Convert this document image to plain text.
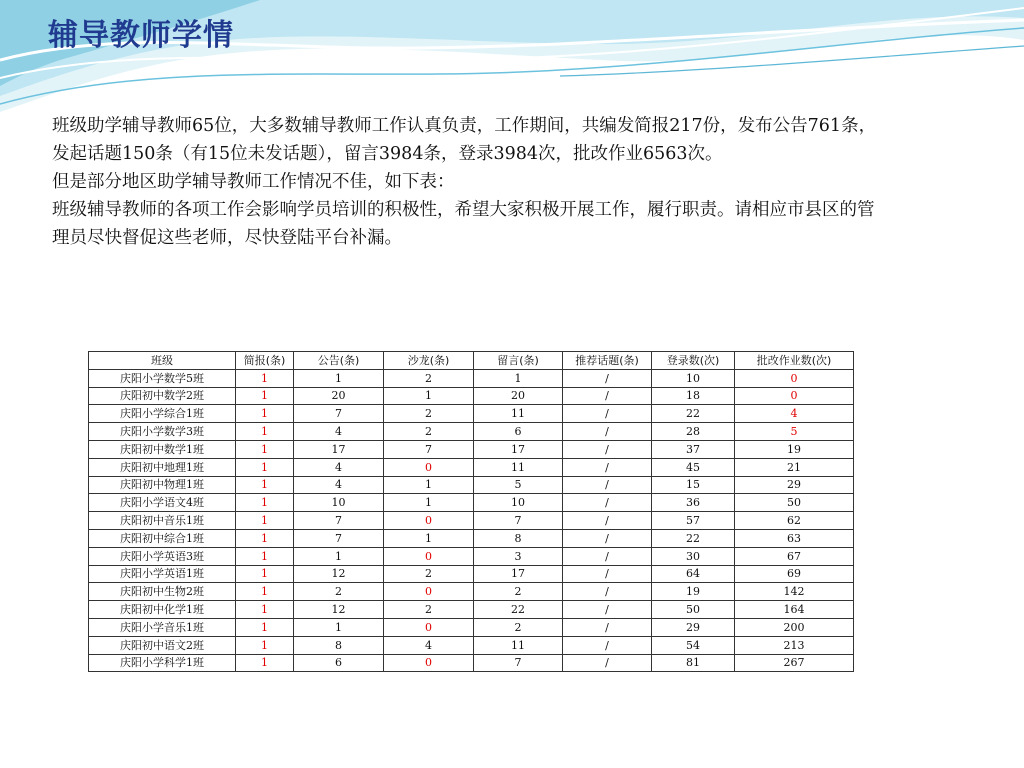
辅导教师学情

班级助学辅导教师65位，大多数辅导教师工作认真负责，工作期间，共编发简报217份，发布公告761条，发起话题150条（有15位未发话题），留言3984条，登录3984次，批改作业6563次。

但是部分地区助学辅导教师工作情况不佳，如下表：

班级辅导教师的各项工作会影响学员培训的积极性，希望大家积极开展工作，履行职责。请相应市县区的管理员尽快督促这些老师，尽快登陆平台补漏。

班级	简报(条)	公告(条)	沙龙(条)	留言(条)	推荐话题(条)	登录数(次)	批改作业数(次)
庆阳小学数学5班	1	1	2	1	/	10	0
庆阳初中数学2班	1	20	1	20	/	18	0
庆阳小学综合1班	1	7	2	11	/	22	4
庆阳小学数学3班	1	4	2	6	/	28	5
庆阳初中数学1班	1	17	7	17	/	37	19
庆阳初中地理1班	1	4	0	11	/	45	21
庆阳初中物理1班	1	4	1	5	/	15	29
庆阳小学语文4班	1	10	1	10	/	36	50
庆阳初中音乐1班	1	7	0	7	/	57	62
庆阳初中综合1班	1	7	1	8	/	22	63
庆阳小学英语3班	1	1	0	3	/	30	67
庆阳小学英语1班	1	12	2	17	/	64	69
庆阳初中生物2班	1	2	0	2	/	19	142
庆阳初中化学1班	1	12	2	22	/	50	164
庆阳小学音乐1班	1	1	0	2	/	29	200
庆阳初中语文2班	1	8	4	11	/	54	213
庆阳小学科学1班	1	6	0	7	/	81	267
